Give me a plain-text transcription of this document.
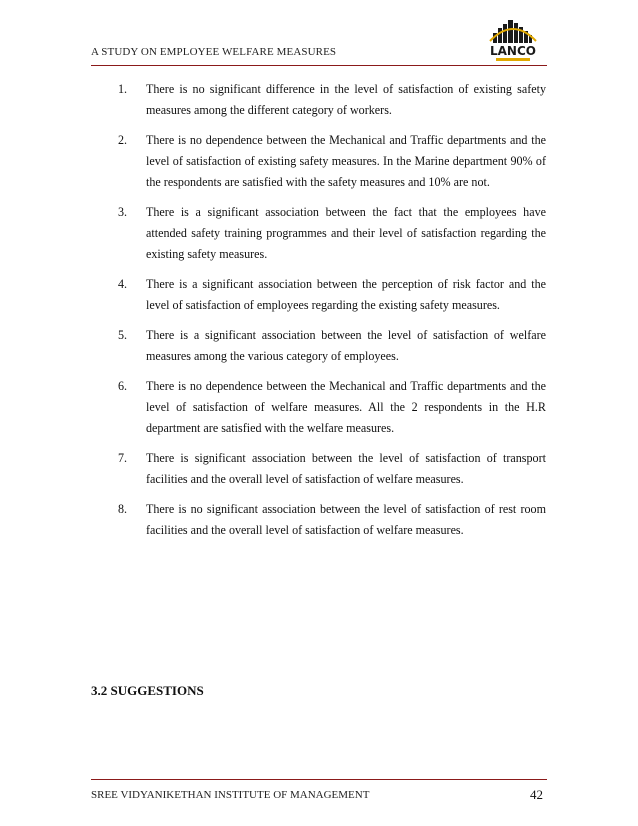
A STUDY ON EMPLOYEE WELFARE MEASURES	LANCO
1.	There is no significant difference in the level of satisfaction of existing safety measures among the different category of workers.
2.	There is no dependence between the Mechanical and Traffic departments and the level of satisfaction of existing safety measures. In the Marine department 90% of the respondents are satisfied with the safety measures and 10% are not.
3.	There is a significant association between the fact that the employees have attended safety training programmes and their level of satisfaction regarding the existing safety measures.
4.	There is a significant association between the perception of risk factor and the level of satisfaction of employees regarding the existing safety measures.
5.	There is a significant association between the level of satisfaction of welfare measures among the various category of employees.
6.	There is no dependence between the Mechanical and Traffic departments and the level of satisfaction of welfare measures. All the 2 respondents in the H.R department are satisfied with the welfare measures.
7.	There is significant association between the level of satisfaction of transport facilities and the overall level of satisfaction of welfare measures.
8.	There is no significant association between the level of satisfaction of rest room facilities and the overall level of satisfaction of welfare measures.
3.2 SUGGESTIONS
SREE VIDYANIKETHAN INSTITUTE OF MANAGEMENT	42
